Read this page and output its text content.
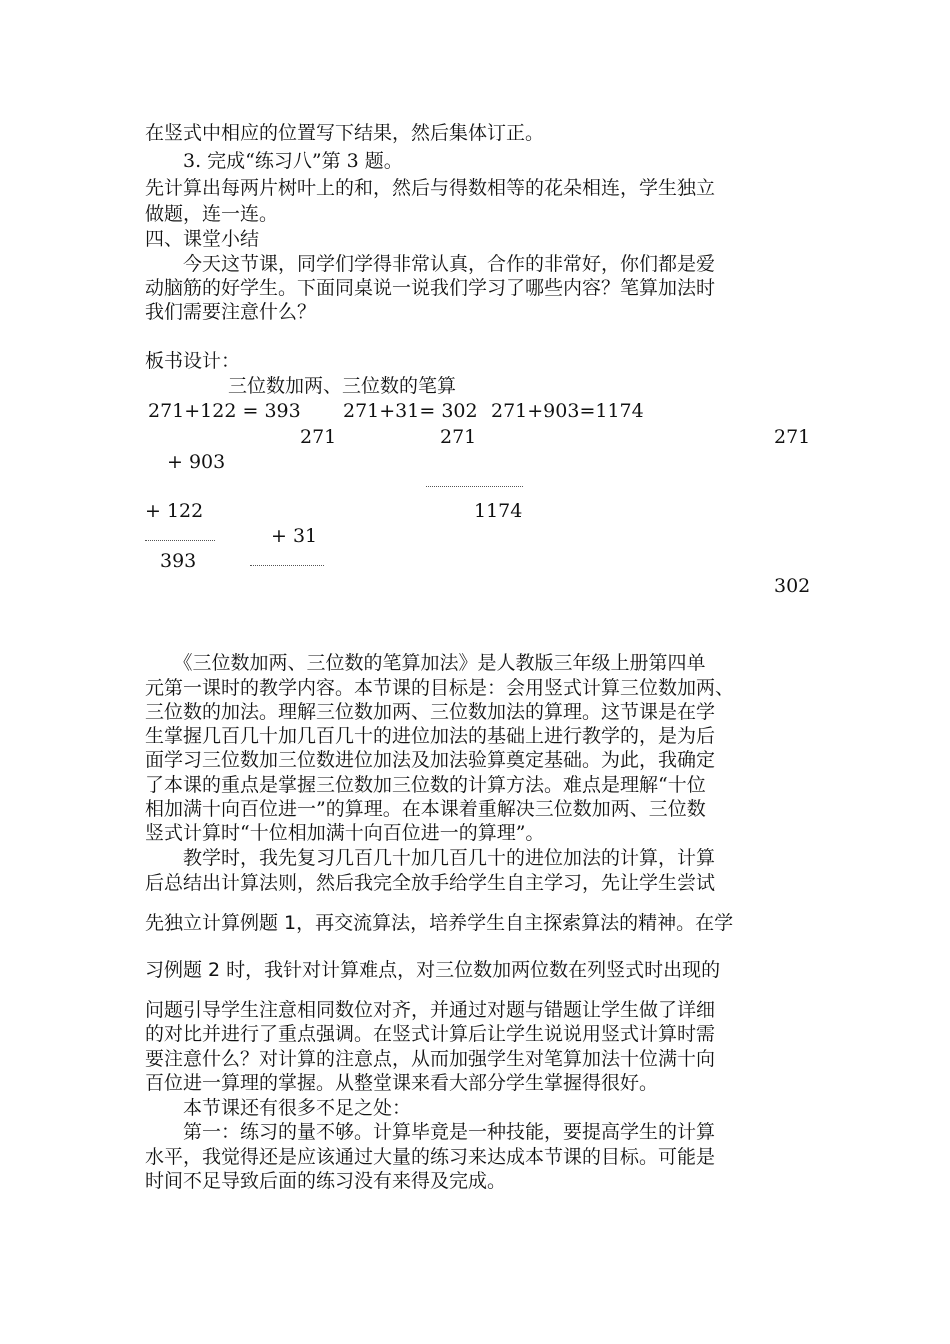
在竖式中相应的位置写下结果，然后集体订正。
　　3. 完成“练习八”第 3 题。
先计算出每两片树叶上的和，然后与得数相等的花朵相连，学生独立
做题，连一连。
四、课堂小结
　　今天这节课，同学们学得非常认真，合作的非常好，你们都是爱
动脑筋的好学生。下面同桌说一说我们学习了哪些内容？笔算加法时
我们需要注意什么？
板书设计：
三位数加两、三位数的笔算
271+122 = 393 271+31= 302 271+903=1174
271	271	271
+ 903
+ 122	1174
+ 31
393
302
　　《三位数加两、三位数的笔算加法》是人教版三年级上册第四单
元第一课时的教学内容。本节课的目标是：会用竖式计算三位数加两、
三位数的加法。理解三位数加两、三位数加法的算理。这节课是在学
生掌握几百几十加几百几十的进位加法的基础上进行教学的，是为后
面学习三位数加三位数进位加法及加法验算奠定基础。为此，我确定
了本课的重点是掌握三位数加三位数的计算方法。难点是理解“十位
相加满十向百位进一”的算理。在本课着重解决三位数加两、三位数
竖式计算时“十位相加满十向百位进一的算理”。
　　教学时，我先复习几百几十加几百几十的进位加法的计算，计算
后总结出计算法则，然后我完全放手给学生自主学习，先让学生尝试
先独立计算例题 1，再交流算法，培养学生自主探索算法的精神。在学
习例题 2 时，我针对计算难点，对三位数加两位数在列竖式时出现的
问题引导学生注意相同数位对齐，并通过对题与错题让学生做了详细
的对比并进行了重点强调。在竖式计算后让学生说说用竖式计算时需
要注意什么？对计算的注意点，从而加强学生对笔算加法十位满十向
百位进一算理的掌握。从整堂课来看大部分学生掌握得很好。
　　本节课还有很多不足之处：
　　第一：练习的量不够。计算毕竟是一种技能，要提高学生的计算
水平，我觉得还是应该通过大量的练习来达成本节课的目标。可能是
时间不足导致后面的练习没有来得及完成。
